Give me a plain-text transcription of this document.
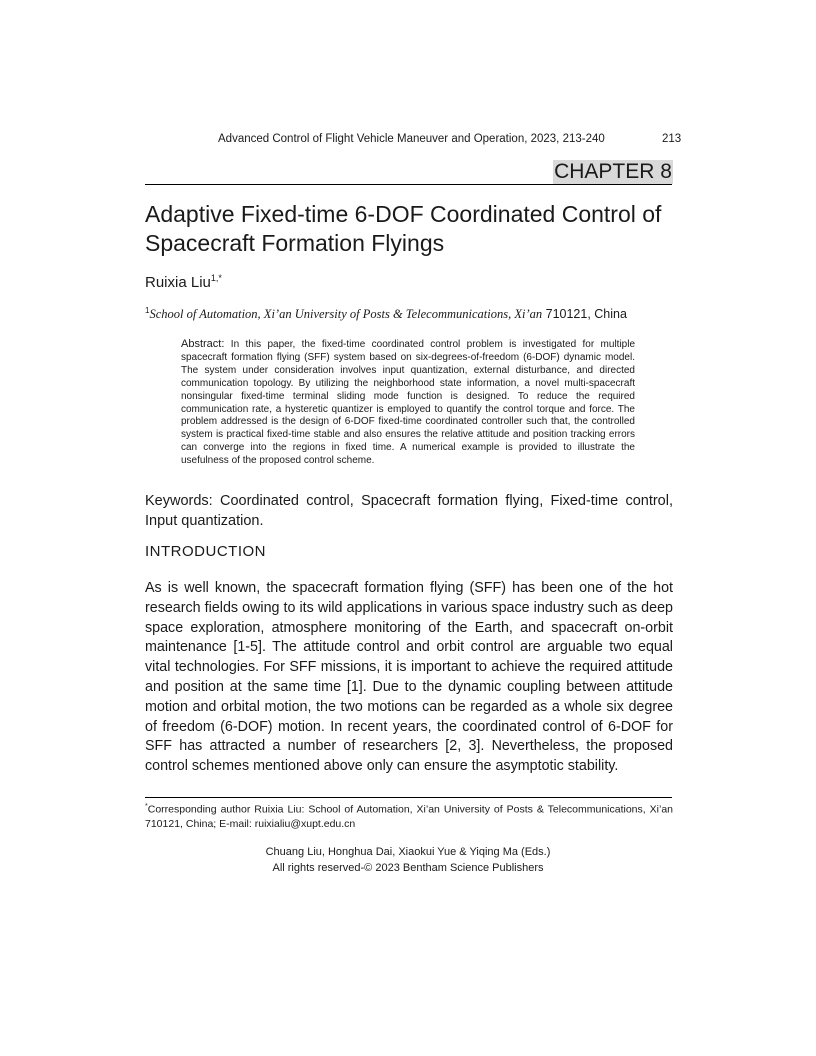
Advanced Control of Flight Vehicle Maneuver and Operation, 2023, 213-240	213
CHAPTER 8
Adaptive Fixed-time 6-DOF Coordinated Control of Spacecraft Formation Flyings
Ruixia Liu$^{1,*}$
$^1$School of Automation, Xi’an University of Posts & Telecommunications, Xi’an 710121, China
Abstract: In this paper, the fixed-time coordinated control problem is investigated for multiple spacecraft formation flying (SFF) system based on six-degrees-of-freedom (6-DOF) dynamic model. The system under consideration involves input quantization, external disturbance, and directed communication topology. By utilizing the neighborhood state information, a novel multi-spacecraft nonsingular fixed-time terminal sliding mode function is designed. To reduce the required communication rate, a hysteretic quantizer is employed to quantify the control torque and force. The problem addressed is the design of 6-DOF fixed-time coordinated controller such that, the controlled system is practical fixed-time stable and also ensures the relative attitude and position tracking errors can converge into the regions in fixed time. A numerical example is provided to illustrate the usefulness of the proposed control scheme.
Keywords: Coordinated control, Spacecraft formation flying, Fixed-time control, Input quantization.
INTRODUCTION
As is well known, the spacecraft formation flying (SFF) has been one of the hot research fields owing to its wild applications in various space industry such as deep space exploration, atmosphere monitoring of the Earth, and spacecraft on-orbit maintenance [1-5]. The attitude control and orbit control are arguable two equal vital technologies. For SFF missions, it is important to achieve the required attitude and position at the same time [1]. Due to the dynamic coupling between attitude motion and orbital motion, the two motions can be regarded as a whole six degree of freedom (6-DOF) motion. In recent years, the coordinated control of 6-DOF for SFF has attracted a number of researchers [2, 3]. Nevertheless, the proposed control schemes mentioned above only can ensure the asymptotic stability.
*Corresponding author Ruixia Liu: School of Automation, Xi’an University of Posts & Telecommunications, Xi’an 710121, China; E-mail: ruixialiu@xupt.edu.cn
Chuang Liu, Honghua Dai, Xiaokui Yue & Yiqing Ma (Eds.)
All rights reserved-© 2023 Bentham Science Publishers
